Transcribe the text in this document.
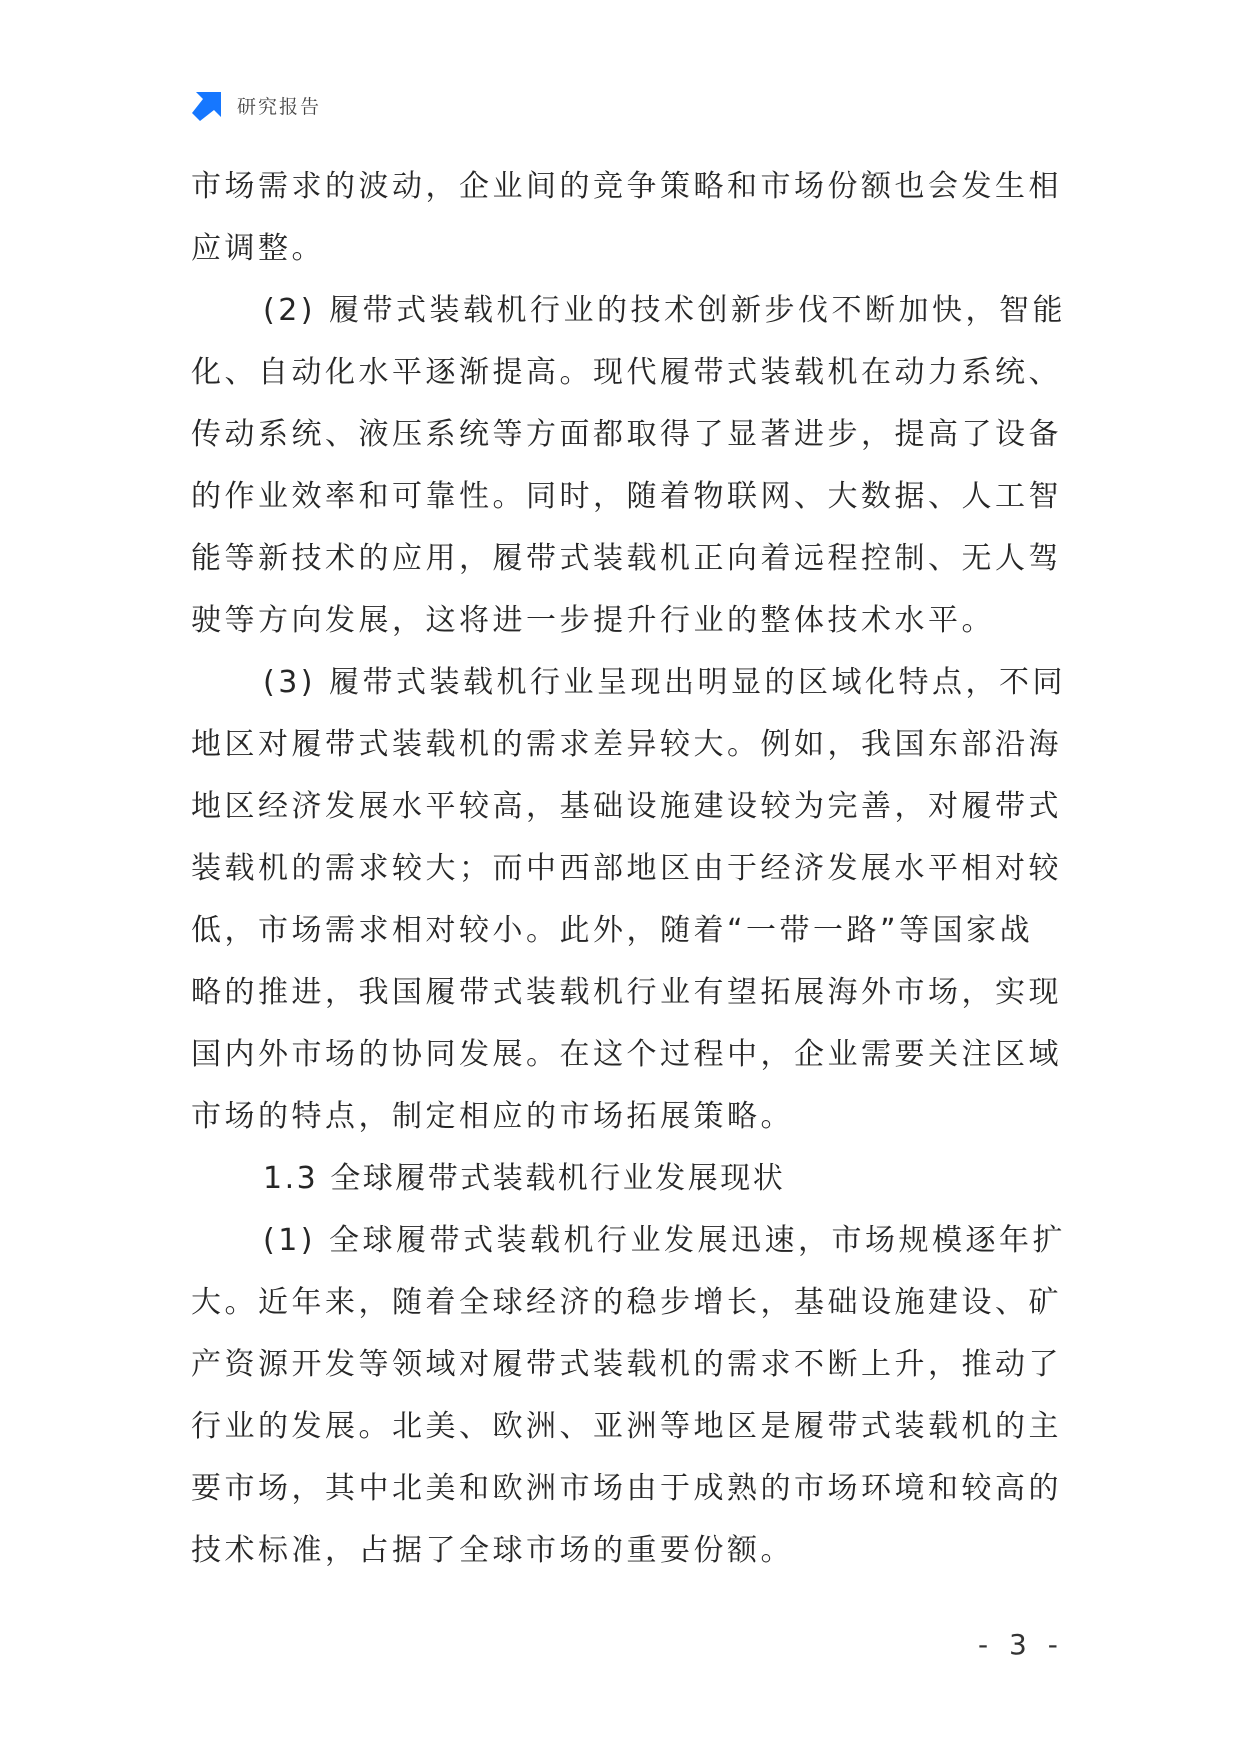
研究报告
市场需求的波动，企业间的竞争策略和市场份额也会发生相
应调整。
(2) 履带式装载机行业的技术创新步伐不断加快，智能
化、自动化水平逐渐提高。现代履带式装载机在动力系统、
传动系统、液压系统等方面都取得了显著进步，提高了设备
的作业效率和可靠性。同时，随着物联网、大数据、人工智
能等新技术的应用，履带式装载机正向着远程控制、无人驾
驶等方向发展，这将进一步提升行业的整体技术水平。
(3) 履带式装载机行业呈现出明显的区域化特点，不同
地区对履带式装载机的需求差异较大。例如，我国东部沿海
地区经济发展水平较高，基础设施建设较为完善，对履带式
装载机的需求较大；而中西部地区由于经济发展水平相对较
低，市场需求相对较小。此外，随着“一带一路”等国家战
略的推进，我国履带式装载机行业有望拓展海外市场，实现
国内外市场的协同发展。在这个过程中，企业需要关注区域
市场的特点，制定相应的市场拓展策略。
1.3 全球履带式装载机行业发展现状
(1) 全球履带式装载机行业发展迅速，市场规模逐年扩
大。近年来，随着全球经济的稳步增长，基础设施建设、矿
产资源开发等领域对履带式装载机的需求不断上升，推动了
行业的发展。北美、欧洲、亚洲等地区是履带式装载机的主
要市场，其中北美和欧洲市场由于成熟的市场环境和较高的
技术标准，占据了全球市场的重要份额。
- 3 -
